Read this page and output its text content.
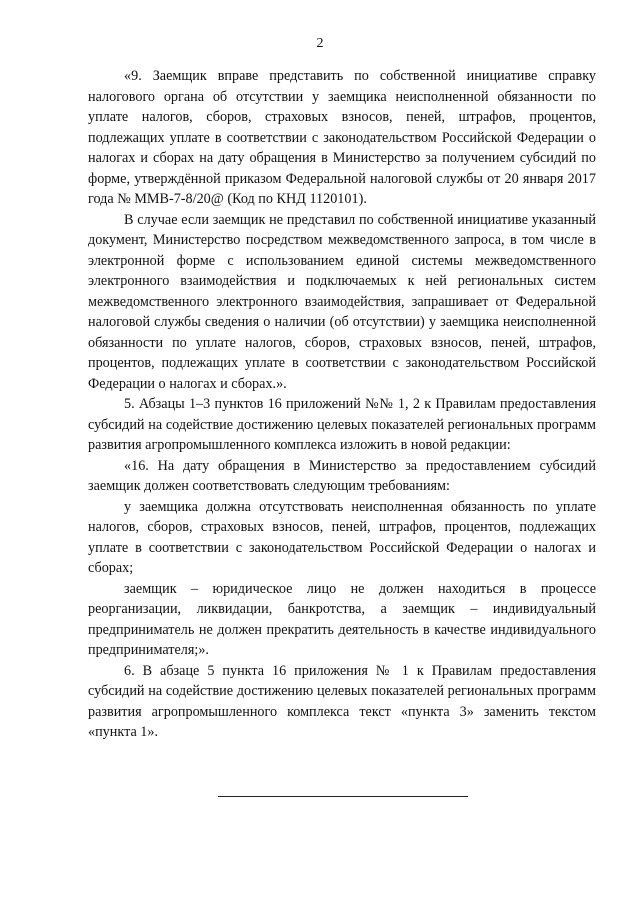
2

«9. Заемщик вправе представить по собственной инициативе справку налогового органа об отсутствии у заемщика неисполненной обязанности по уплате налогов, сборов, страховых взносов, пеней, штрафов, процентов, подлежащих уплате в соответствии с законодательством Российской Федерации о налогах и сборах на дату обращения в Министерство за получением субсидий по форме, утверждённой приказом Федеральной налоговой службы от 20 января 2017 года № ММВ-7-8/20@ (Код по КНД 1120101).

В случае если заемщик не представил по собственной инициативе указанный документ, Министерство посредством межведомственного запроса, в том числе в электронной форме с использованием единой системы межведомственного электронного взаимодействия и подключаемых к ней региональных систем межведомственного электронного взаимодействия, запрашивает от Федеральной налоговой службы сведения о наличии (об отсутствии) у заемщика неисполненной обязанности по уплате налогов, сборов, страховых взносов, пеней, штрафов, процентов, подлежащих уплате в соответствии с законодательством Российской Федерации о налогах и сборах.».

5. Абзацы 1–3 пунктов 16 приложений №№ 1, 2 к Правилам предоставления субсидий на содействие достижению целевых показателей региональных программ развития агропромышленного комплекса изложить в новой редакции:

«16. На дату обращения в Министерство за предоставлением субсидий заемщик должен соответствовать следующим требованиям:

у заемщика должна отсутствовать неисполненная обязанность по уплате налогов, сборов, страховых взносов, пеней, штрафов, процентов, подлежащих уплате в соответствии с законодательством Российской Федерации о налогах и сборах;

заемщик – юридическое лицо не должен находиться в процессе реорганизации, ликвидации, банкротства, а заемщик – индивидуальный предприниматель не должен прекратить деятельность в качестве индивидуального предпринимателя;».

6. В абзаце 5 пункта 16 приложения № 1 к Правилам предоставления субсидий на содействие достижению целевых показателей региональных программ развития агропромышленного комплекса текст «пункта 3» заменить текстом «пункта 1».
